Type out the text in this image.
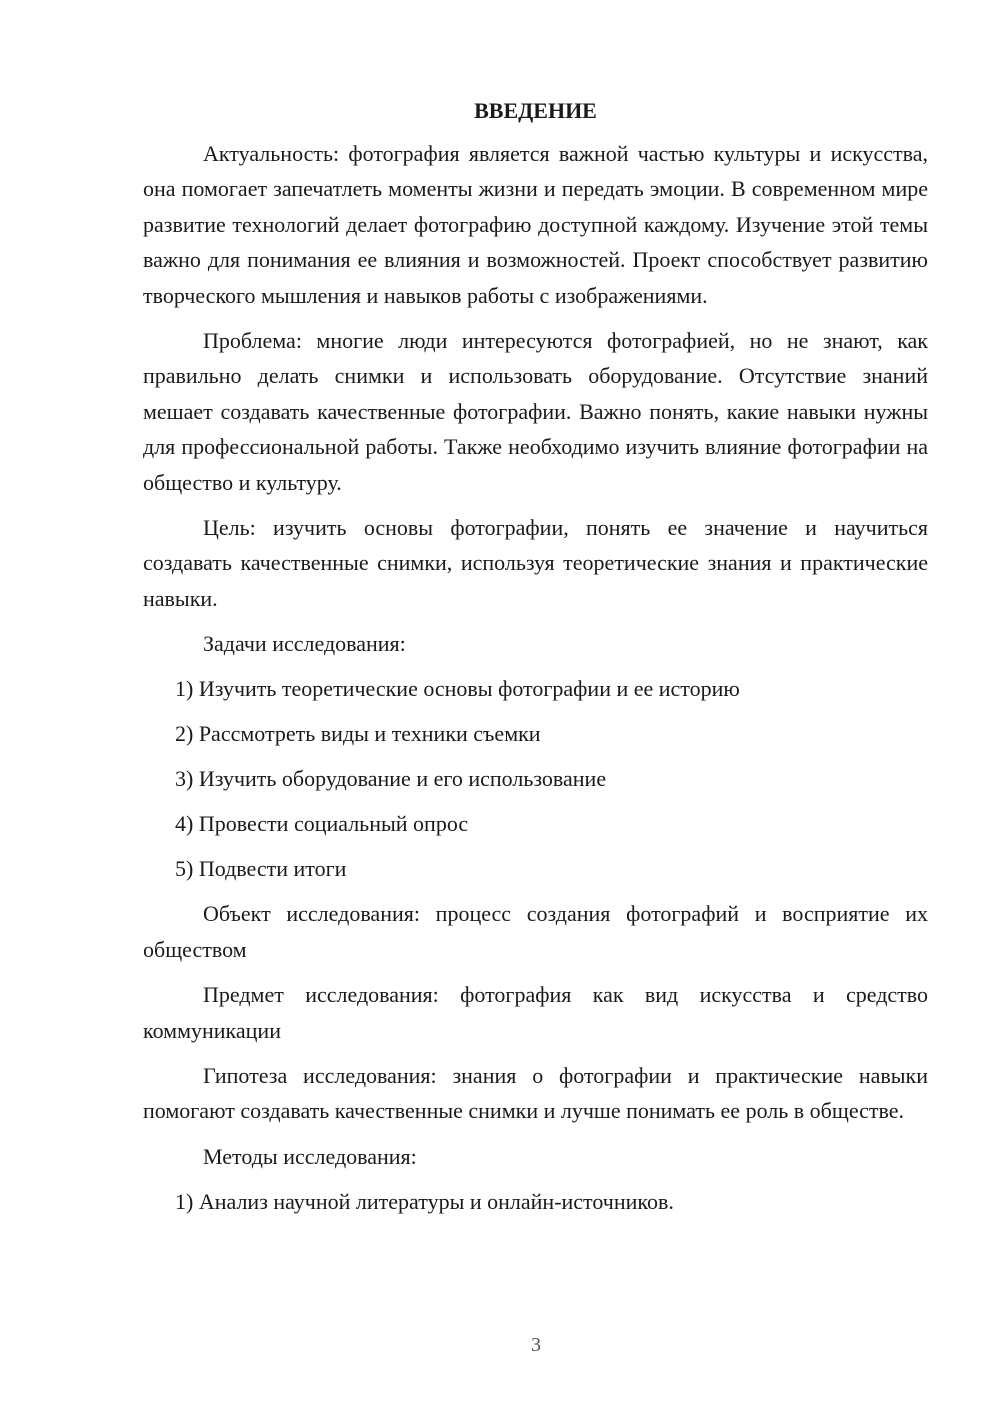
ВВЕДЕНИЕ

Актуальность: фотография является важной частью культуры и искусства, она помогает запечатлеть моменты жизни и передать эмоции. В современном мире развитие технологий делает фотографию доступной каждому. Изучение этой темы важно для понимания ее влияния и возможностей. Проект способствует развитию творческого мышления и навыков работы с изображениями.

Проблема: многие люди интересуются фотографией, но не знают, как правильно делать снимки и использовать оборудование. Отсутствие знаний мешает создавать качественные фотографии. Важно понять, какие навыки нужны для профессиональной работы. Также необходимо изучить влияние фотографии на общество и культуру.

Цель: изучить основы фотографии, понять ее значение и научиться создавать качественные снимки, используя теоретические знания и практические навыки.

Задачи исследования:
1) Изучить теоретические основы фотографии и ее историю
2) Рассмотреть виды и техники съемки
3) Изучить оборудование и его использование
4) Провести социальный опрос
5) Подвести итоги

Объект исследования: процесс создания фотографий и восприятие их обществом

Предмет исследования: фотография как вид искусства и средство коммуникации

Гипотеза исследования: знания о фотографии и практические навыки помогают создавать качественные снимки и лучше понимать ее роль в обществе.

Методы исследования:
1) Анализ научной литературы и онлайн-источников.
3
